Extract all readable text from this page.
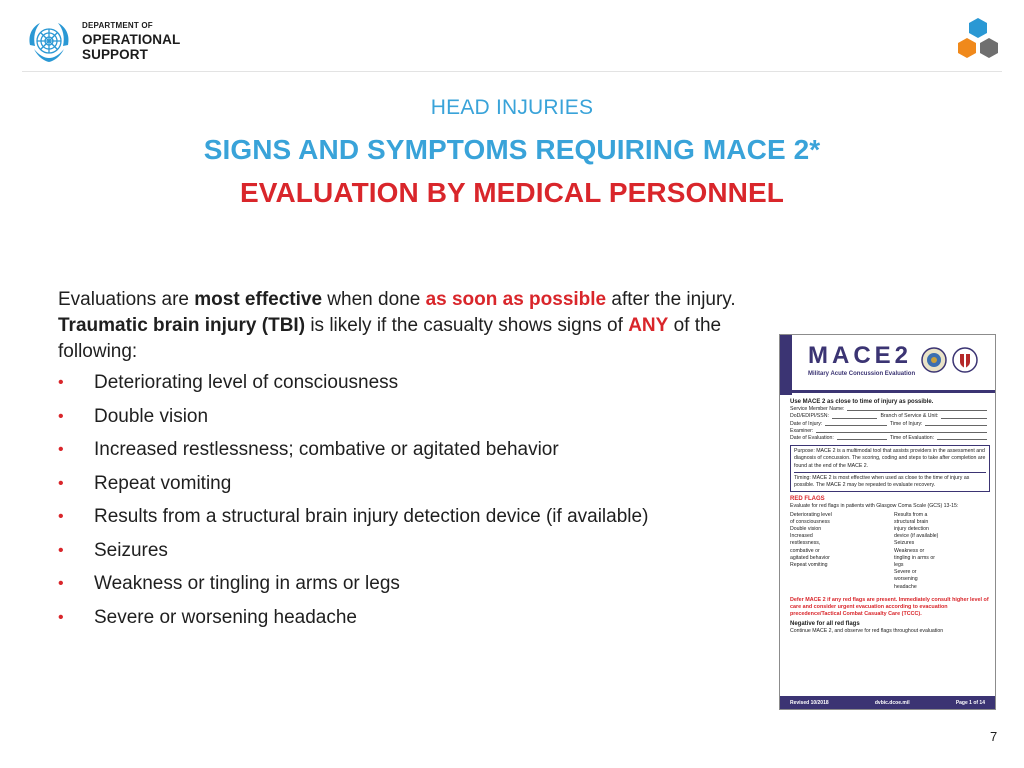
DEPARTMENT OF
OPERATIONAL
SUPPORT
HEAD INJURIES
SIGNS AND SYMPTOMS REQUIRING MACE 2*
EVALUATION BY MEDICAL PERSONNEL

Evaluations are most effective when done as soon as possible after the injury. Traumatic brain injury (TBI) is likely if the casualty shows signs of ANY of the following:

• Deteriorating level of consciousness
• Double vision
• Increased restlessness; combative or agitated behavior
• Repeat vomiting
• Results from a structural brain injury detection device (if available)
• Seizures
• Weakness or tingling in arms or legs
• Severe or worsening headache
MACE2
Military Acute Concussion Evaluation
Use MACE 2 as close to time of injury as possible.
Service Member Name:
DoD/EDIPI/SSN:	Branch of Service & Unit:
Date of Injury:	Time of Injury:
Examiner:
Date of Evaluation:	Time of Evaluation:
Purpose: MACE 2 is a multimodal tool that assists providers in the assessment and diagnosis of concussion. The scoring, coding and steps to take after completion are found at the end of the MACE 2.
Timing: MACE 2 is most effective when used as close to the time of injury as possible. The MACE 2 may be repeated to evaluate recovery.
RED FLAGS
Evaluate for red flags in patients with Glasgow Coma Scale (GCS) 13-15:
Deteriorating level of consciousness
Double vision
Increased restlessness, combative or agitated behavior
Repeat vomiting
Results from a structural brain injury detection device (if available)
Seizures
Weakness or tingling in arms or legs
Severe or worsening headache
Defer MACE 2 if any red flags are present. Immediately consult higher level of care and consider urgent evacuation according to evacuation precedence/Tactical Combat Casualty Care (TCCC).
Negative for all red flags
Continue MACE 2, and observe for red flags throughout evaluation
Revised 10/2018	dvbic.dcoe.mil	Page 1 of 14
7
